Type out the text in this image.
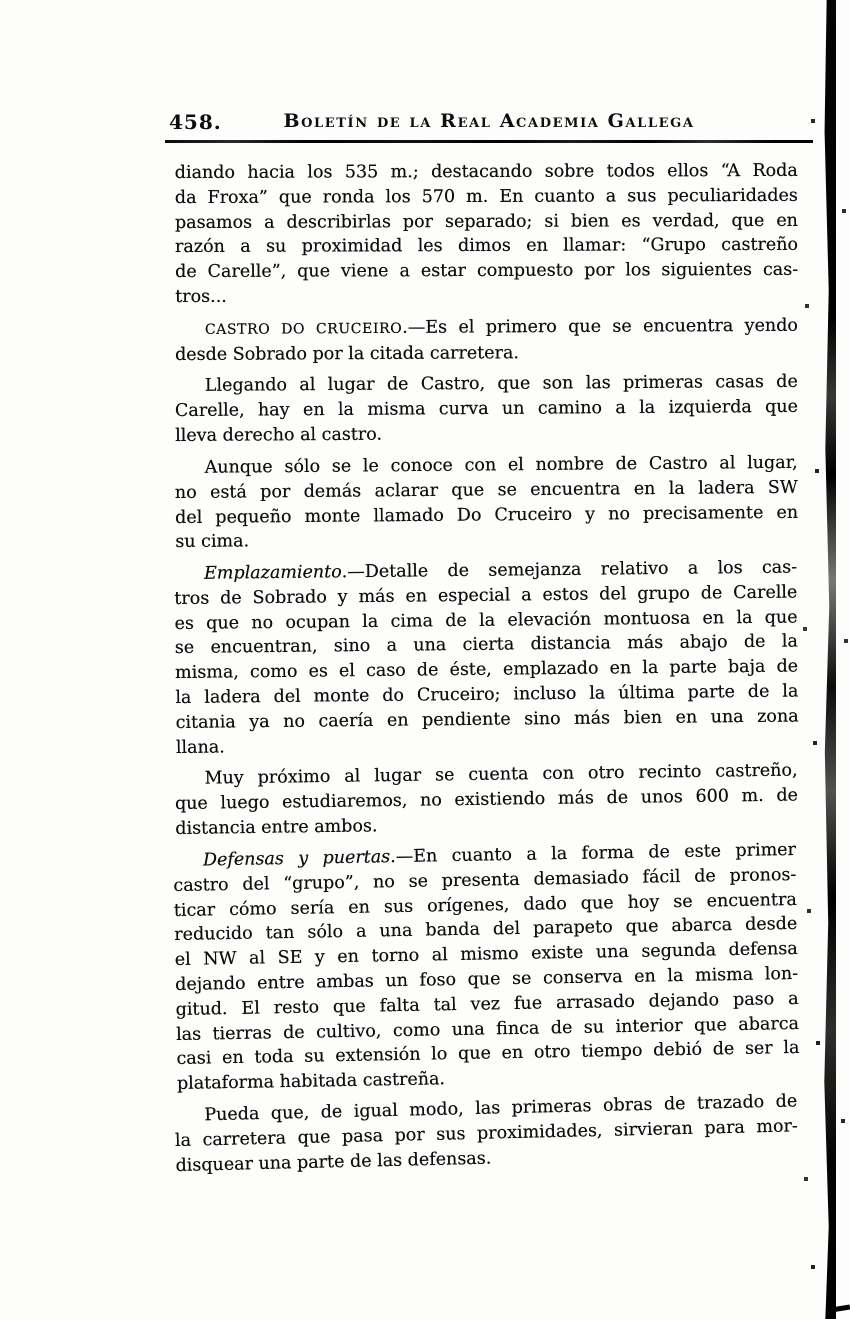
458.	Boletín de la Real Academia Gallega

diando hacia los 535 m.; destacando sobre todos ellos “A Roda
da Froxa” que ronda los 570 m. En cuanto a sus peculiaridades
pasamos a describirlas por separado; si bien es verdad, que en
razón a su proximidad les dimos en llamar: “Grupo castreño
de Carelle”, que viene a estar compuesto por los siguientes cas-
tros...

CASTRO DO CRUCEIRO.—Es el primero que se encuentra yendo
desde Sobrado por la citada carretera.

Llegando al lugar de Castro, que son las primeras casas de
Carelle, hay en la misma curva un camino a la izquierda que
lleva derecho al castro.

Aunque sólo se le conoce con el nombre de Castro al lugar,
no está por demás aclarar que se encuentra en la ladera SW
del pequeño monte llamado Do Cruceiro y no precisamente en
su cima.

Emplazamiento.—Detalle de semejanza relativo a los cas-
tros de Sobrado y más en especial a estos del grupo de Carelle
es que no ocupan la cima de la elevación montuosa en la que
se encuentran, sino a una cierta distancia más abajo de la
misma, como es el caso de éste, emplazado en la parte baja de
la ladera del monte do Cruceiro; incluso la última parte de la
citania ya no caería en pendiente sino más bien en una zona
llana.

Muy próximo al lugar se cuenta con otro recinto castreño,
que luego estudiaremos, no existiendo más de unos 600 m. de
distancia entre ambos.

Defensas y puertas.—En cuanto a la forma de este primer
castro del “grupo”, no se presenta demasiado fácil de pronos-
ticar cómo sería en sus orígenes, dado que hoy se encuentra
reducido tan sólo a una banda del parapeto que abarca desde
el NW al SE y en torno al mismo existe una segunda defensa
dejando entre ambas un foso que se conserva en la misma lon-
gitud. El resto que falta tal vez fue arrasado dejando paso a
las tierras de cultivo, como una finca de su interior que abarca
casi en toda su extensión lo que en otro tiempo debió de ser la
plataforma habitada castreña.

Pueda que, de igual modo, las primeras obras de trazado de
la carretera que pasa por sus proximidades, sirvieran para mor-
disquear una parte de las defensas.
